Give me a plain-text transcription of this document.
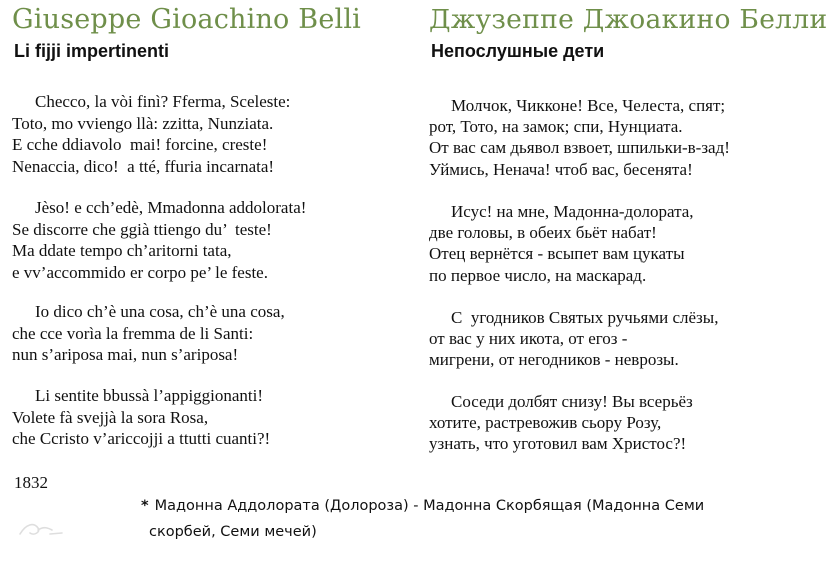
Giuseppe Gioachino Belli
Li fijji impertinenti
Checco, la vòi finì? Fferma, Sceleste:
Toto, mo vviengo llà: zzitta, Nunziata.
E cche ddiavolo  mai! forcine, creste!
Nenaccia, dico!  a tté, ffuria incarnata!
Jèso! e cch’edè, Mmadonna addolorata!
Se discorre che ggià ttiengo du’  teste!
Ma ddate tempo ch’aritorni tata,
e vv’accommido er corpo pe’ le feste.
Io dico ch’è una cosa, ch’è una cosa,
che cce vorìa la fremma de li Santi:
nun s’ariposa mai, nun s’ariposa!
Li sentite bbussà l’appiggionanti!
Volete fà svejjà la sora Rosa,
che Ccristo v’ariccojji a ttutti cuanti?!
Джузеппе Джоакино Белли
Непослушные дети
Молчок, Чикконе! Все, Челеста, спят;
рот, Тото, на замок; спи, Нунциата.
От вас сам дьявол взвоет, шпильки-в-зад!
Уймись, Ненача! чтоб вас, бесенята!
Исус! на мне, Мадонна-долората,
две головы, в обеих бьёт набат!
Отец вернётся - всыпет вам цукаты
по первое число, на маскарад.
С  угодников Святых ручьями слёзы,
от вас у них икота, от егоз -
мигрени, от негодников - неврозы.
Соседи долбят снизу! Вы всерьёз
хотите, растревожив сьору Розу,
узнать, что уготовил вам Христос?!
1832
* Мадонна Аддолората (Долороза) - Мадонна Скорбящая (Мадонна Семи
скорбей, Семи мечей)
